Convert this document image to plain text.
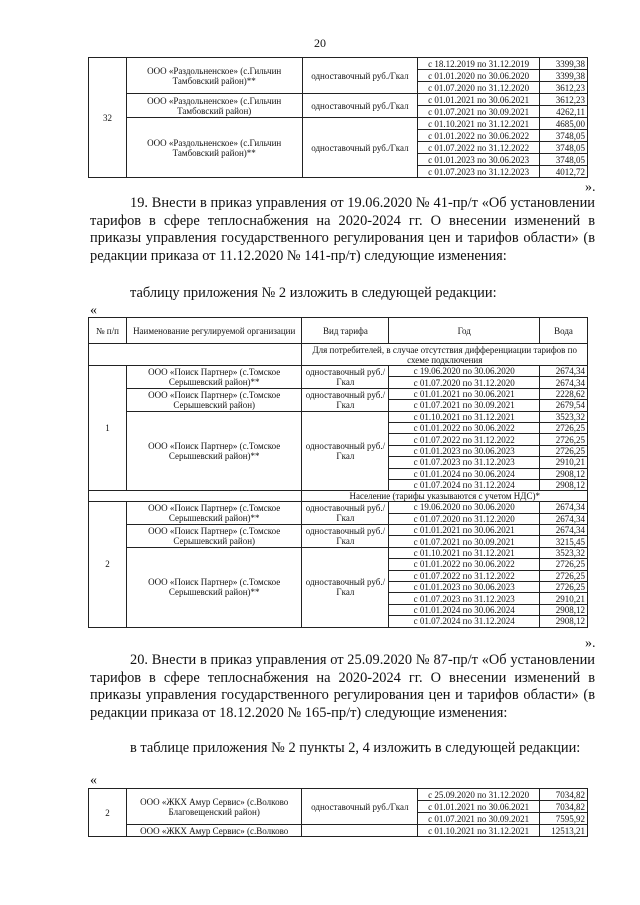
20
32	ООО «Раздольненское» (с.Гильчин Тамбовский район)**	одноставочный руб./Гкал	с 18.12.2019 по 31.12.2019	3399,38
			с 01.01.2020 по 30.06.2020	3399,38
			с 01.07.2020 по 31.12.2020	3612,23
	ООО «Раздольненское» (с.Гильчин Тамбовский район)	одноставочный руб./Гкал	с 01.01.2021 по 30.06.2021	3612,23
			с 01.07.2021 по 30.09.2021	4262,11
	ООО «Раздольненское» (с.Гильчин Тамбовский район)**	одноставочный руб./Гкал	с 01.10.2021 по 31.12.2021	4685,00
			с 01.01.2022 по 30.06.2022	3748,05
			с 01.07.2022 по 31.12.2022	3748,05
			с 01.01.2023 по 30.06.2023	3748,05
			с 01.07.2023 по 31.12.2023	4012,72
».
19. Внести в приказ управления от 19.06.2020 № 41-пр/т «Об установлении тарифов в сфере теплоснабжения на 2020-2024 гг. О внесении изменений в приказы управления государственного регулирования цен и тарифов области» (в редакции приказа от 11.12.2020 № 141-пр/т) следующие изменения:
таблицу приложения № 2 изложить в следующей редакции:
«
№ п/п	Наименование регулируемой организации	Вид тарифа	Год	Вода
		Для потребителей, в случае отсутствия дифференциации тарифов по схеме подключения		
1	ООО «Поиск Партнер» (с.Томское Серышевский район)**	одноставочный руб./Гкал	с 19.06.2020 по 30.06.2020	2674,34
			с 01.07.2020 по 31.12.2020	2674,34
	ООО «Поиск Партнер» (с.Томское Серышевский район)	одноставочный руб./Гкал	с 01.01.2021 по 30.06.2021	2228,62
			с 01.07.2021 по 30.09.2021	2679,54
	ООО «Поиск Партнер» (с.Томское Серышевский район)**	одноставочный руб./Гкал	с 01.10.2021 по 31.12.2021	3523,32
			с 01.01.2022 по 30.06.2022	2726,25
			с 01.07.2022 по 31.12.2022	2726,25
			с 01.01.2023 по 30.06.2023	2726,25
			с 01.07.2023 по 31.12.2023	2910,21
			с 01.01.2024 по 30.06.2024	2908,12
			с 01.07.2024 по 31.12.2024	2908,12
		Население (тарифы указываются с учетом НДС)*		
2	ООО «Поиск Партнер» (с.Томское Серышевский район)**	одноставочный руб./Гкал	с 19.06.2020 по 30.06.2020	2674,34
			с 01.07.2020 по 31.12.2020	2674,34
	ООО «Поиск Партнер» (с.Томское Серышевский район)	одноставочный руб./Гкал	с 01.01.2021 по 30.06.2021	2674,34
			с 01.07.2021 по 30.09.2021	3215,45
	ООО «Поиск Партнер» (с.Томское Серышевский район)**	одноставочный руб./Гкал	с 01.10.2021 по 31.12.2021	3523,32
			с 01.01.2022 по 30.06.2022	2726,25
			с 01.07.2022 по 31.12.2022	2726,25
			с 01.01.2023 по 30.06.2023	2726,25
			с 01.07.2023 по 31.12.2023	2910,21
			с 01.01.2024 по 30.06.2024	2908,12
			с 01.07.2024 по 31.12.2024	2908,12
».
20. Внести в приказ управления от 25.09.2020 № 87-пр/т «Об установлении тарифов в сфере теплоснабжения на 2020-2024 гг. О внесении изменений в приказы управления государственного регулирования цен и тарифов области» (в редакции приказа от 18.12.2020 № 165-пр/т) следующие изменения:
в таблице приложения № 2 пункты 2, 4 изложить в следующей редакции:
«
2	ООО «ЖКХ Амур Сервис» (с.Волково Благовещенский район)	одноставочный руб./Гкал	с 25.09.2020 по 31.12.2020	7034,82
			с 01.01.2021 по 30.06.2021	7034,82
			с 01.07.2021 по 30.09.2021	7595,92
	ООО «ЖКХ Амур Сервис» (с.Волково		с 01.10.2021 по 31.12.2021	12513,21
